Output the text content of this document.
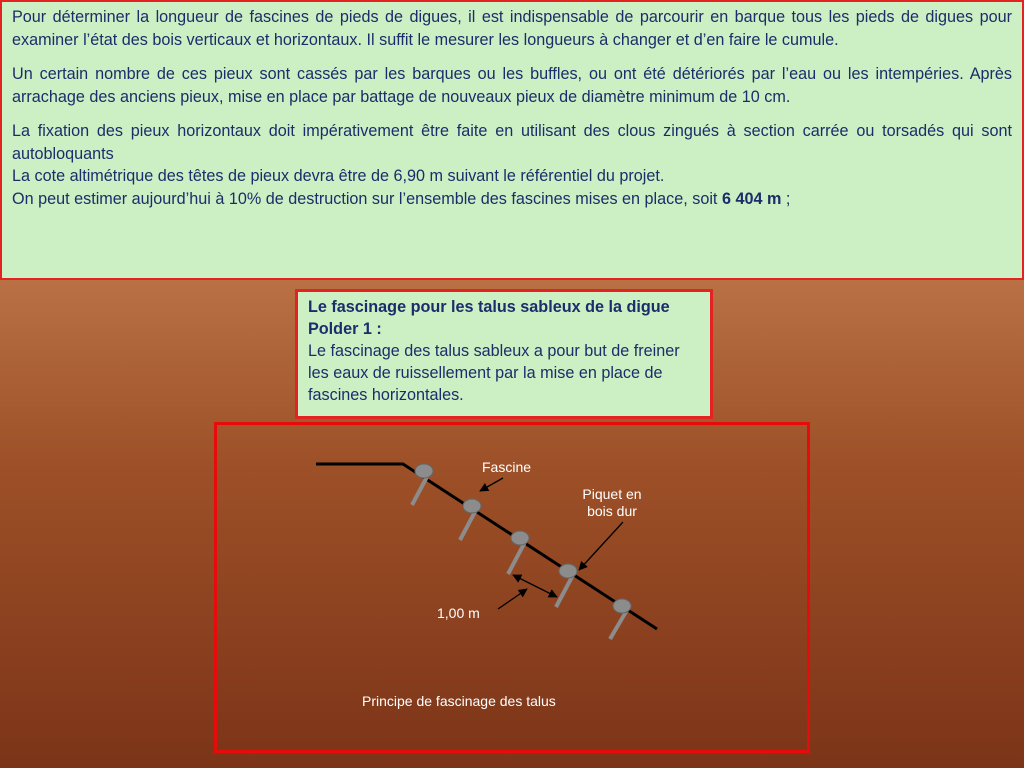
Pour déterminer la longueur de fascines de pieds de digues, il est indispensable de parcourir en barque tous les pieds de digues pour examiner l’état des bois verticaux et horizontaux. Il suffit le mesurer les longueurs à changer et d’en faire le cumule.

Un certain nombre de ces pieux sont cassés par les barques ou les buffles, ou ont été détériorés par l’eau ou les intempéries. Après arrachage des anciens pieux, mise en place par battage de nouveaux pieux de diamètre minimum de 10 cm.

La fixation des pieux horizontaux doit impérativement être faite en utilisant des clous zingués à section carrée ou torsadés qui sont autobloquants

La cote altimétrique des têtes de pieux devra être de 6,90 m suivant le référentiel du projet.

On peut estimer aujourd’hui à 10% de destruction sur l’ensemble des fascines mises en place, soit 6 404 m ;

Le fascinage pour les talus sableux de la digue Polder 1 :
Le fascinage des talus sableux a pour but de freiner les eaux de ruissellement par la mise en place de fascines horizontales.
Fascine
Piquet en
bois dur
1,00 m
Principe de fascinage des talus
